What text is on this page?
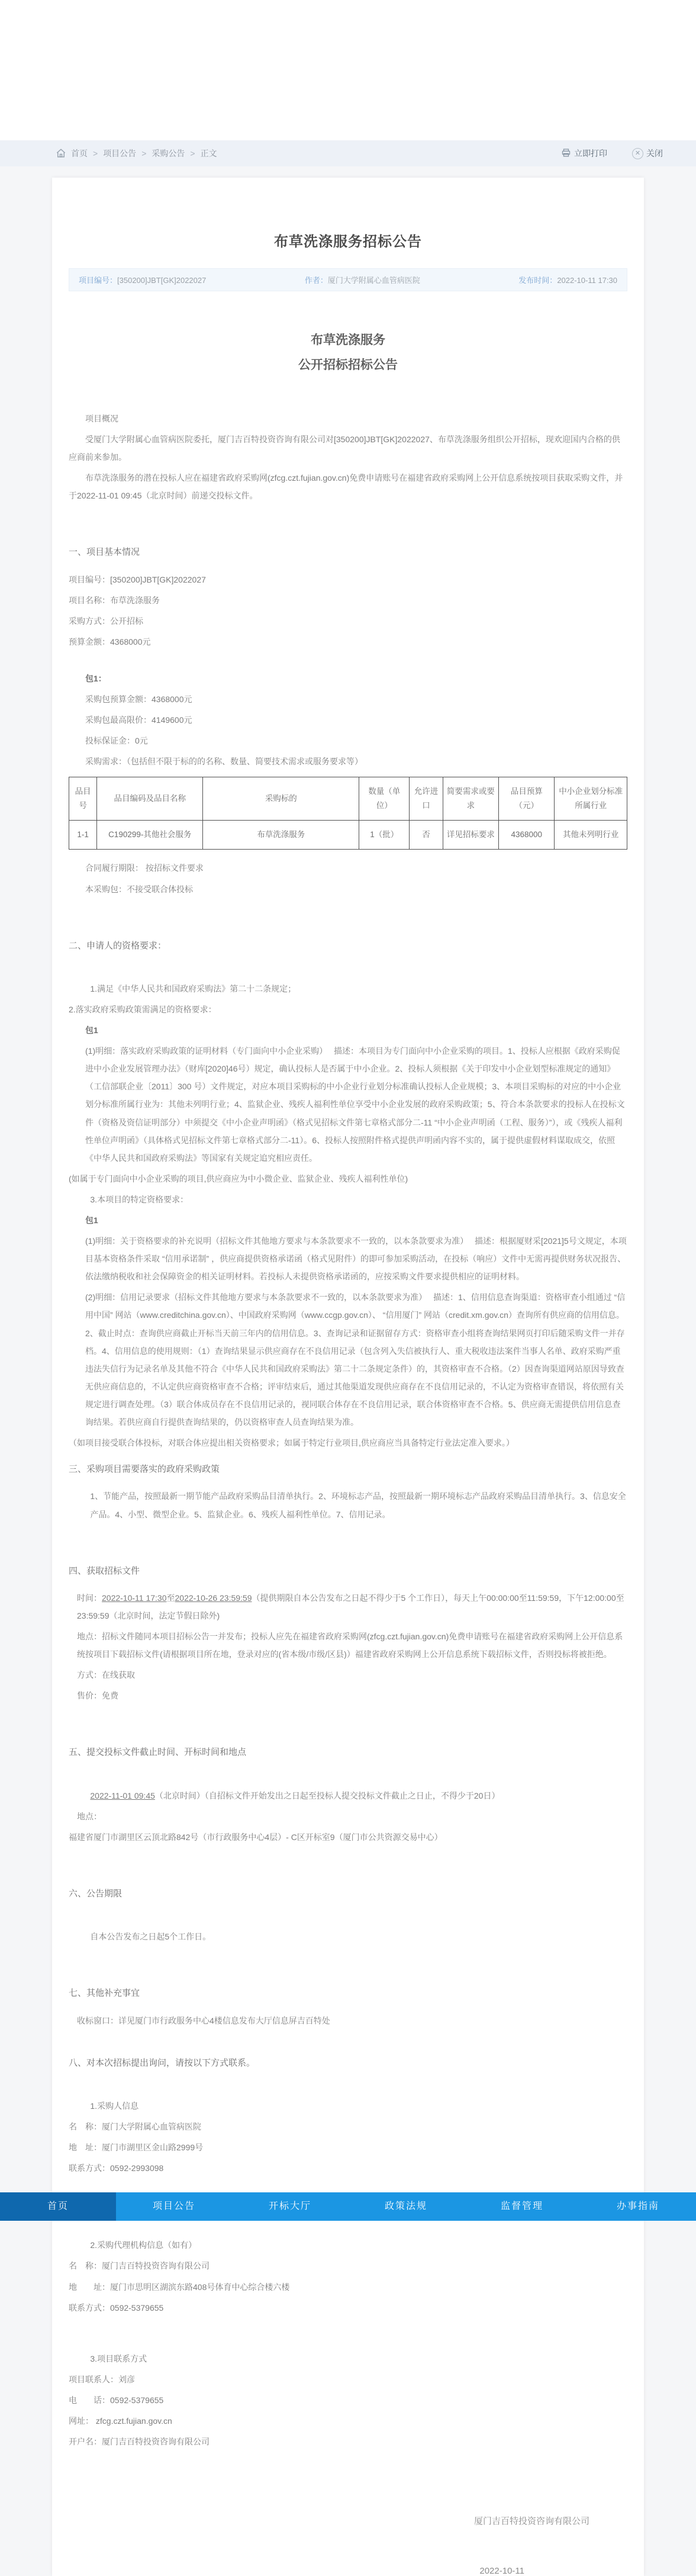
首页 > 项目公告 > 采购公告 > 正文	立即打印	✕ 关闭
布草洗涤服务招标公告
项目编号：[350200]JBT[GK]2022027	作者：厦门大学附属心血管病医院	发布时间：2022-10-11 17:30
布草洗涤服务
公开招标招标公告
项目概况
受厦门大学附属心血管病医院委托，厦门吉百特投资咨询有限公司对[350200]JBT[GK]2022027、布草洗涤服务组织公开招标，现欢迎国内合格的供应商前来参加。
布草洗涤服务的潜在投标人应在福建省政府采购网(zfcg.czt.fujian.gov.cn)免费申请账号在福建省政府采购网上公开信息系统按项目获取采购文件，并于2022-11-01 09:45（北京时间）前递交投标文件。
一、项目基本情况
项目编号：[350200]JBT[GK]2022027
项目名称：布草洗涤服务
采购方式：公开招标
预算金额：4368000元
包1：
采购包预算金额：4368000元
采购包最高限价：4149600元
投标保证金：0元
采购需求：（包括但不限于标的的名称、数量、简要技术需求或服务要求等）
品目号	品目编码及品目名称	采购标的	数量（单位）	允许进口	简要需求或要求	品目预算（元）	中小企业划分标准所属行业
1-1	C190299-其他社会服务	布草洗涤服务	1（批）	否	详见招标要求	4368000	其他未列明行业
合同履行期限： 按招标文件要求
本采购包：不接受联合体投标
二、申请人的资格要求：
1.满足《中华人民共和国政府采购法》第二十二条规定；
2.落实政府采购政策需满足的资格要求：
包1
(1)明细：落实政府采购政策的证明材料（专门面向中小企业采购）　 描述：本项目为专门面向中小企业采购的项目。1、投标人应根据《政府采购促进中小企业发展管理办法》（财库[2020]46号）规定，确认投标人是否属于中小企业。2、投标人须根据《关于印发中小企业划型标准规定的通知》（工信部联企业〔2011〕300 号）文件规定，对应本项目采购标的中小企业行业划分标准确认投标人企业规模；3、本项目采购标的对应的中小企业划分标准所属行业为：其他未列明行业；4、监狱企业、残疾人福利性单位享受中小企业发展的政府采购政策；5、符合本条款要求的投标人在投标文件（资格及资信证明部分）中须提交《中小企业声明函》（格式见招标文件第七章格式部分二-11 “中小企业声明函（工程、服务）”），或《残疾人福利性单位声明函》（具体格式见招标文件第七章格式部分二-11）。6、投标人按照附件格式提供声明函内容不实的，属于提供虚假材料谋取成交，依照《中华人民共和国政府采购法》等国家有关规定追究相应责任。
(如属于专门面向中小企业采购的项目,供应商应为中小微企业、监狱企业、残疾人福利性单位)
3.本项目的特定资格要求：
包1
(1)明细：关于资格要求的补充说明（招标文件其他地方要求与本条款要求不一致的，以本条款要求为准）　 描述：根据厦财采[2021]5号文规定，本项目基本资格条件采取 “信用承诺制” ，供应商提供资格承诺函（格式见附件）的即可参加采购活动，在投标（响应）文件中无需再提供财务状况报告、依法缴纳税收和社会保障资金的相关证明材料。若投标人未提供资格承诺函的，应按采购文件要求提供相应的证明材料。
(2)明细：信用记录要求（招标文件其他地方要求与本条款要求不一致的，以本条款要求为准）　 描述：1、信用信息查询渠道：资格审查小组通过 “信用中国” 网站（www.creditchina.gov.cn）、中国政府采购网（www.ccgp.gov.cn）、 “信用厦门” 网站（credit.xm.gov.cn）查询所有供应商的信用信息。2、截止时点：查询供应商截止开标当天前三年内的信用信息。3、查询记录和证据留存方式：资格审查小组将查询结果网页打印后随采购文件一并存档。4、信用信息的使用规则：（1）查询结果显示供应商存在不良信用记录（包含列入失信被执行人、重大税收违法案件当事人名单、政府采购严重违法失信行为记录名单及其他不符合《中华人民共和国政府采购法》第二十二条规定条件）的，其资格审查不合格。（2）因查询渠道网站原因导致查无供应商信息的，不认定供应商资格审查不合格；评审结束后，通过其他渠道发现供应商存在不良信用记录的，不认定为资格审查错误，将依照有关规定进行调查处理。（3）联合体成员存在不良信用记录的，视同联合体存在不良信用记录，联合体资格审查不合格。5、供应商无需提供信用信息查询结果。若供应商自行提供查询结果的，仍以资格审查人员查询结果为准。
（如项目接受联合体投标，对联合体应提出相关资格要求；如属于特定行业项目,供应商应当具备特定行业法定准入要求。）
三、采购项目需要落实的政府采购政策
1、节能产品，按照最新一期节能产品政府采购品目清单执行。2、环境标志产品，按照最新一期环境标志产品政府采购品目清单执行。3、信息安全产品。4、小型、微型企业。5、监狱企业。6、残疾人福利性单位。7、信用记录。
四、获取招标文件
时间：2022-10-11 17:30至2022-10-26 23:59:59（提供期限自本公告发布之日起不得少于5 个工作日），每天上午00:00:00至11:59:59，下午12:00:00至23:59:59（北京时间，法定节假日除外)
地点：招标文件随同本项目招标公告一并发布；投标人应先在福建省政府采购网(zfcg.czt.fujian.gov.cn)免费申请账号在福建省政府采购网上公开信息系统按项目下载招标文件(请根据项目所在地，登录对应的(省本级/市级/区县)）福建省政府采购网上公开信息系统下载招标文件，否则投标将被拒绝。
方式：在线获取
售价：免费
五、提交投标文件截止时间、开标时间和地点
2022-11-01 09:45（北京时间）（自招标文件开始发出之日起至投标人提交投标文件截止之日止，不得少于20日）
地点：
福建省厦门市湖里区云顶北路842号（市行政服务中心4层）- C区开标室9（厦门市公共资源交易中心）
六、公告期限
自本公告发布之日起5个工作日。
七、其他补充事宜
收标窗口：详见厦门市行政服务中心4楼信息发布大厅信息屏吉百特处
八、对本次招标提出询问，请按以下方式联系。
1.采购人信息
名　称：厦门大学附属心血管病医院
地　址：厦门市湖里区金山路2999号
联系方式：0592-2993098
首页	项目公告	开标大厅	政策法规	监督管理	办事指南
2.采购代理机构信息（如有）
名　称：厦门吉百特投资咨询有限公司
地　　址：厦门市思明区湖滨东路408号体育中心综合楼六楼
联系方式：0592-5379655
3.项目联系方式
项目联系人：刘彦
电　　话：0592-5379655
网址： zfcg.czt.fujian.gov.cn
开户名：厦门吉百特投资咨询有限公司
厦门吉百特投资咨询有限公司
2022-10-11
